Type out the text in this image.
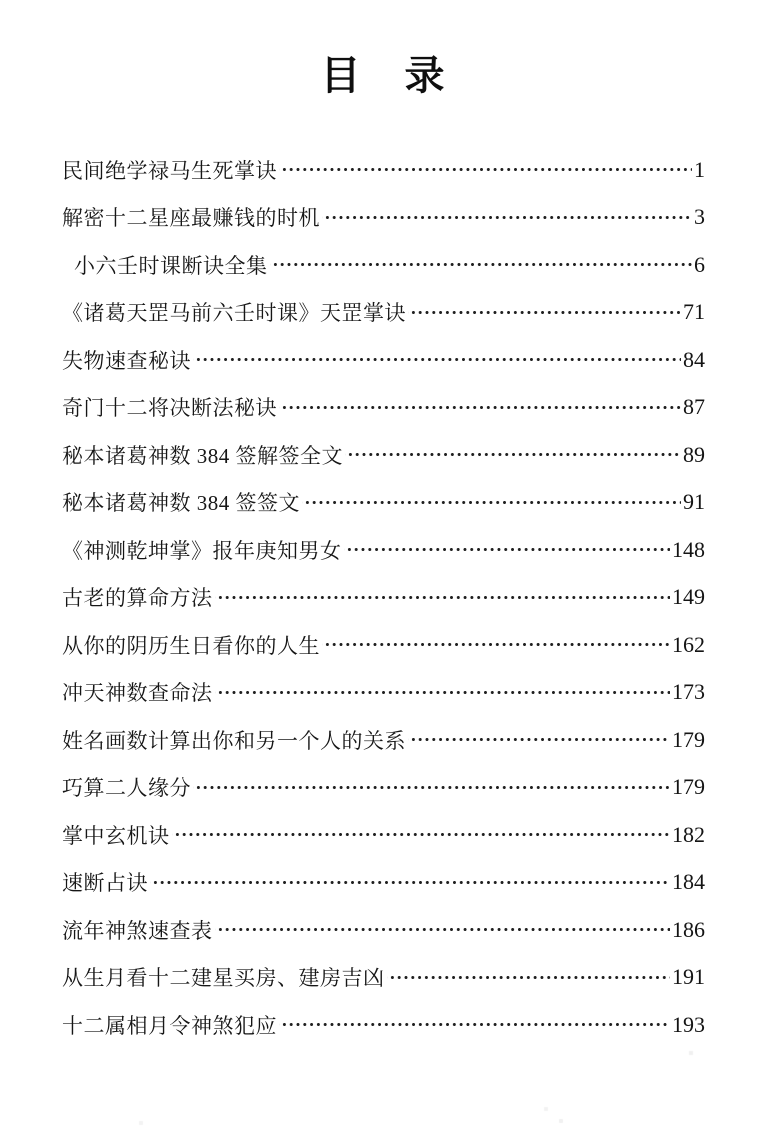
目　录
民间绝学禄马生死掌诀	1
解密十二星座最赚钱的时机	3
小六壬时课断诀全集	6
《诸葛天罡马前六壬时课》天罡掌诀	71
失物速查秘诀	84
奇门十二将决断法秘诀	87
秘本诸葛神数 384 签解签全文	89
秘本诸葛神数 384 签签文	91
《神测乾坤掌》报年庚知男女	148
古老的算命方法	149
从你的阴历生日看你的人生	162
冲天神数查命法	173
姓名画数计算出你和另一个人的关系	179
巧算二人缘分	179
掌中玄机诀	182
速断占诀	184
流年神煞速查表	186
从生月看十二建星买房、建房吉凶	191
十二属相月令神煞犯应	193
